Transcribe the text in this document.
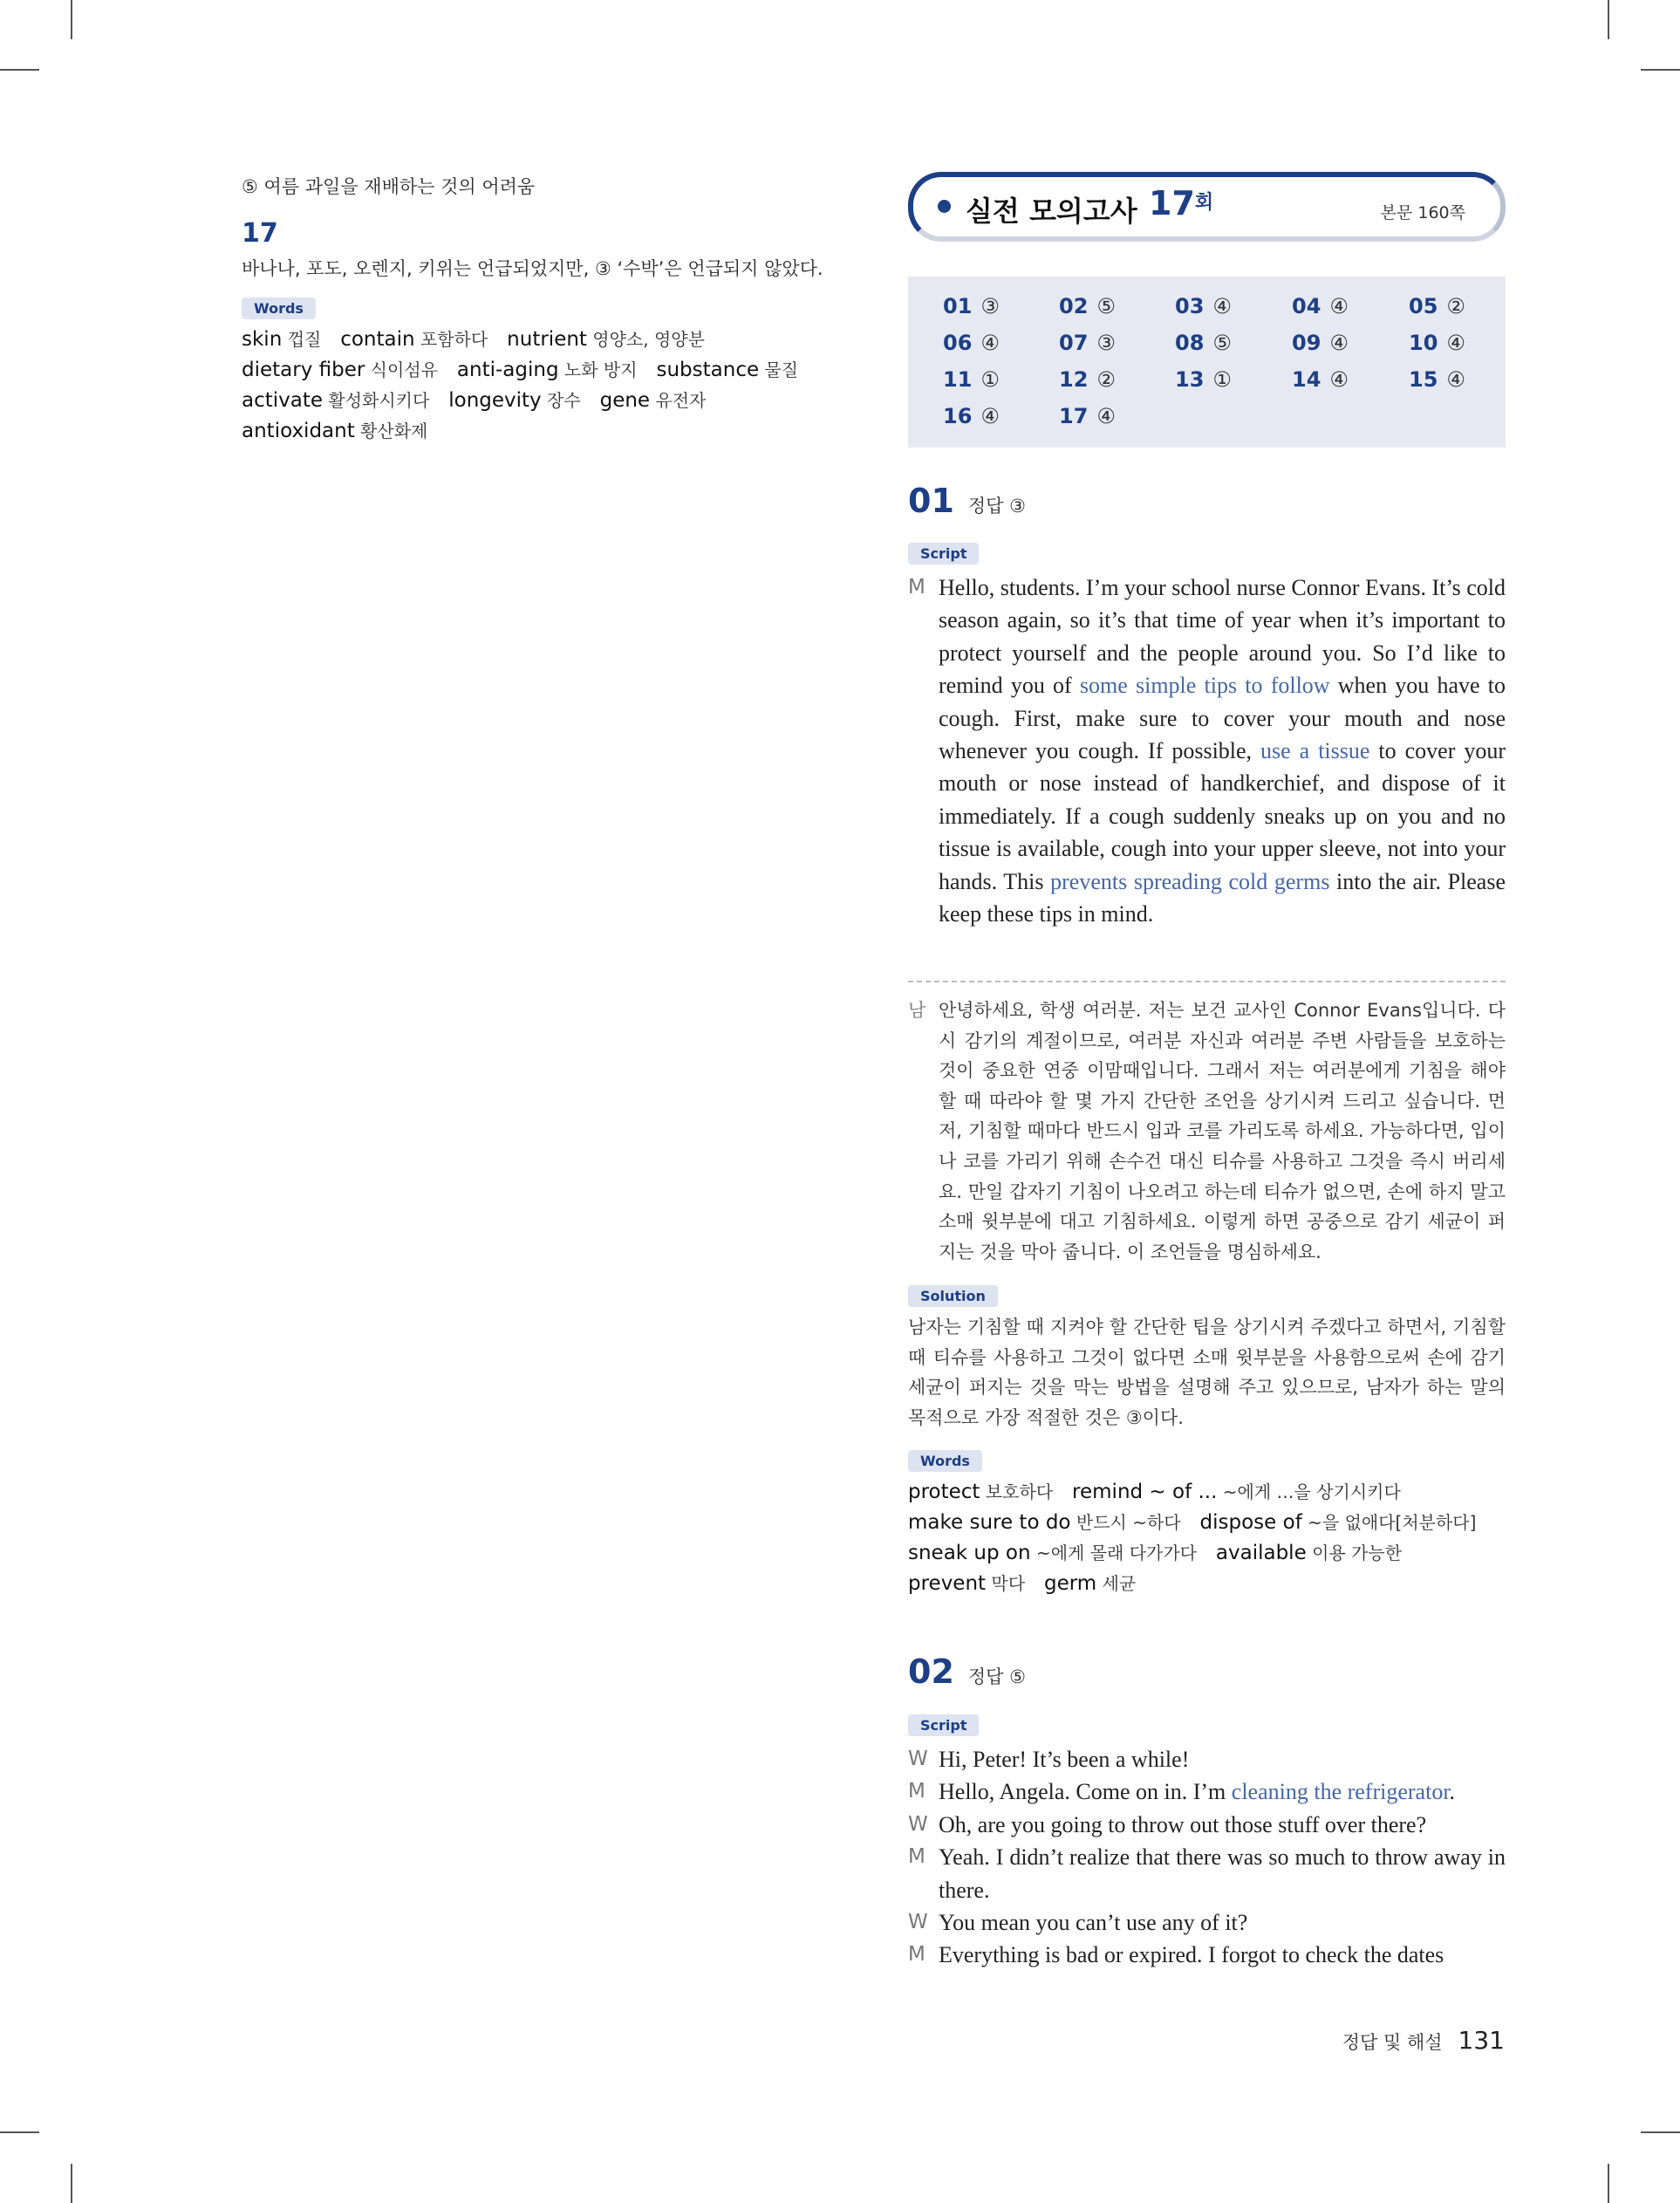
⑤ 여름 과일을 재배하는 것의 어려움
17
바나나, 포도, 오렌지, 키위는 언급되었지만, ③ ‘수박’은 언급되지 않았다.
Words
skin 껍질 contain 포함하다 nutrient 영양소, 영양분
dietary fiber 식이섬유 anti-aging 노화 방지 substance 물질
activate 활성화시키다 longevity 장수 gene 유전자
antioxidant 황산화제
실전 모의고사 17회	본문 160쪽
01 ③	02 ⑤	03 ④	04 ④	05 ②
06 ④	07 ③	08 ⑤	09 ④	10 ④
11 ①	12 ②	13 ①	14 ④	15 ④
16 ④	17 ④
01 정답 ③
Script
M Hello, students. I’m your school nurse Connor Evans. It’s cold season again, so it’s that time of year when it’s important to protect yourself and the people around you. So I’d like to remind you of some simple tips to follow when you have to cough. First, make sure to cover your mouth and nose whenever you cough. If possible, use a tissue to cover your mouth or nose instead of handkerchief, and dispose of it immediately. If a cough suddenly sneaks up on you and no tissue is available, cough into your upper sleeve, not into your hands. This prevents spreading cold germs into the air. Please keep these tips in mind.
남 안녕하세요, 학생 여러분. 저는 보건 교사인 Connor Evans입니다. 다시 감기의 계절이므로, 여러분 자신과 여러분 주변 사람들을 보호하는 것이 중요한 연중 이맘때입니다. 그래서 저는 여러분에게 기침을 해야 할 때 따라야 할 몇 가지 간단한 조언을 상기시켜 드리고 싶습니다. 먼저, 기침할 때마다 반드시 입과 코를 가리도록 하세요. 가능하다면, 입이나 코를 가리기 위해 손수건 대신 티슈를 사용하고 그것을 즉시 버리세요. 만일 갑자기 기침이 나오려고 하는데 티슈가 없으면, 손에 하지 말고 소매 윗부분에 대고 기침하세요. 이렇게 하면 공중으로 감기 세균이 퍼지는 것을 막아 줍니다. 이 조언들을 명심하세요.
Solution
남자는 기침할 때 지켜야 할 간단한 팁을 상기시켜 주겠다고 하면서, 기침할 때 티슈를 사용하고 그것이 없다면 소매 윗부분을 사용함으로써 손에 감기 세균이 퍼지는 것을 막는 방법을 설명해 주고 있으므로, 남자가 하는 말의 목적으로 가장 적절한 것은 ③이다.
Words
protect 보호하다 remind ~ of ... ~에게 …을 상기시키다
make sure to do 반드시 ~하다 dispose of ~을 없애다[처분하다]
sneak up on ~에게 몰래 다가가다 available 이용 가능한
prevent 막다 germ 세균
02 정답 ⑤
Script
W Hi, Peter! It’s been a while!
M Hello, Angela. Come on in. I’m cleaning the refrigerator.
W Oh, are you going to throw out those stuff over there?
M Yeah. I didn’t realize that there was so much to throw away in there.
W You mean you can’t use any of it?
M Everything is bad or expired. I forgot to check the dates
정답 및 해설 131
